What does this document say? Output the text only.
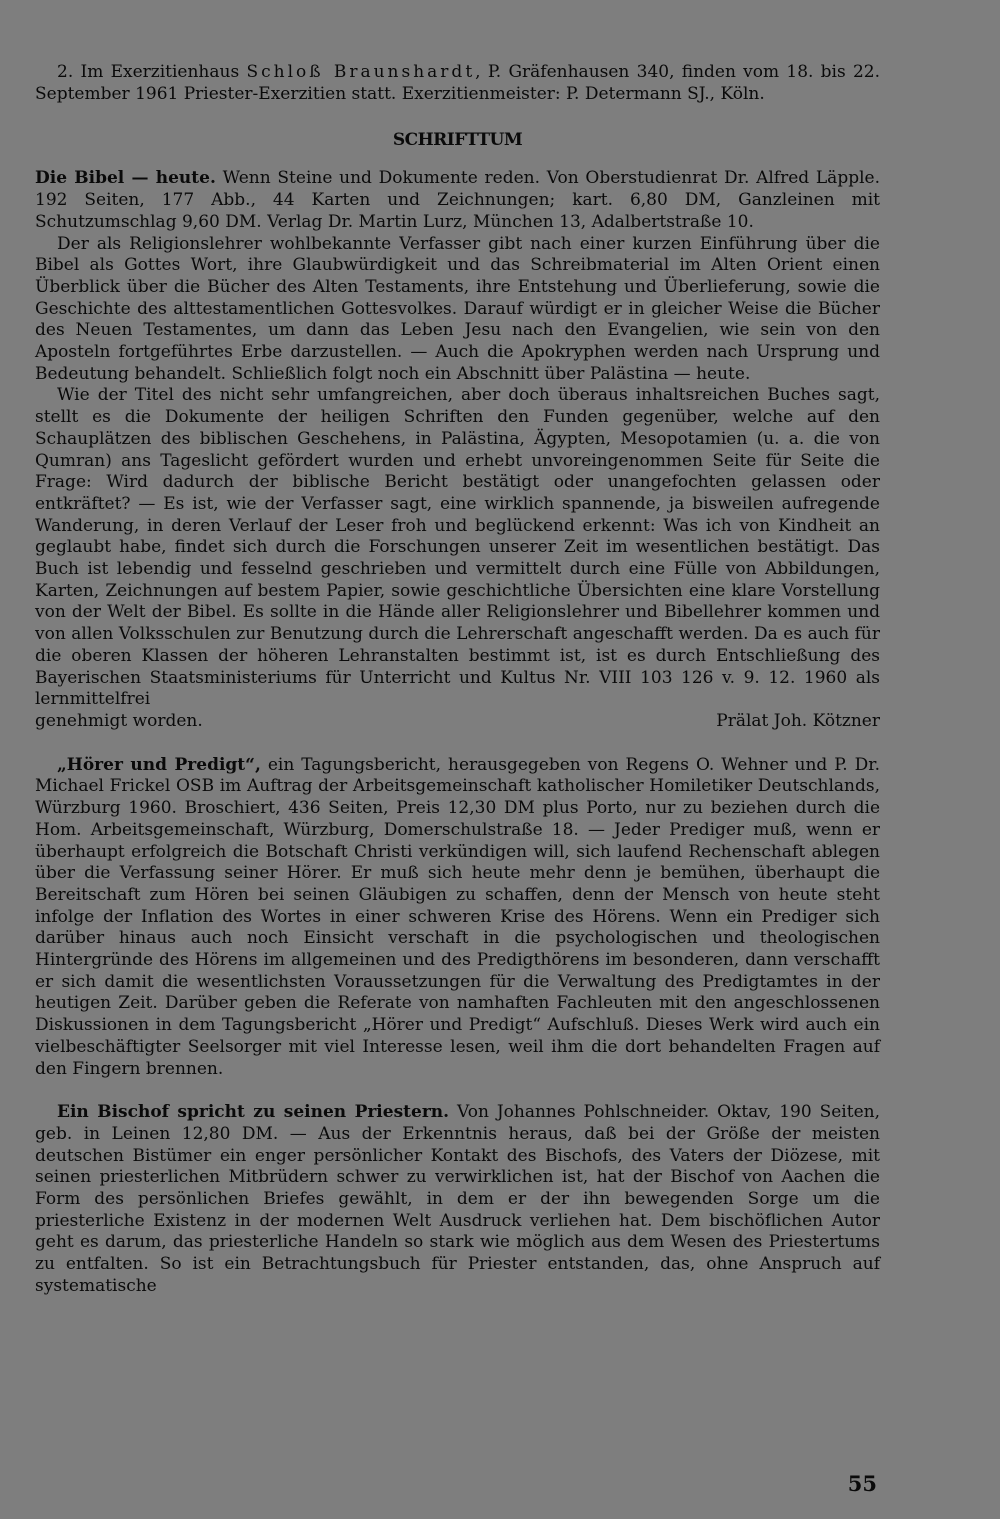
2. Im Exerzitienhaus Schloß Braunshardt, P. Gräfenhausen 340, finden vom 18. bis 22. September 1961 Priester-Exerzitien statt. Exerzitienmeister: P. Determann SJ., Köln.

SCHRIFTTUM

Die Bibel — heute. Wenn Steine und Dokumente reden. Von Oberstudienrat Dr. Alfred Läpple. 192 Seiten, 177 Abb., 44 Karten und Zeichnungen; kart. 6,80 DM, Ganzleinen mit Schutzumschlag 9,60 DM. Verlag Dr. Martin Lurz, München 13, Adalbertstraße 10.

Der als Religionslehrer wohlbekannte Verfasser gibt nach einer kurzen Einführung über die Bibel als Gottes Wort, ihre Glaubwürdigkeit und das Schreibmaterial im Alten Orient einen Überblick über die Bücher des Alten Testaments, ihre Entstehung und Überlieferung, sowie die Geschichte des alttestamentlichen Gottesvolkes. Darauf würdigt er in gleicher Weise die Bücher des Neuen Testamentes, um dann das Leben Jesu nach den Evangelien, wie sein von den Aposteln fortgeführtes Erbe darzustellen. — Auch die Apokryphen werden nach Ursprung und Bedeutung behandelt. Schließlich folgt noch ein Abschnitt über Palästina — heute.

Wie der Titel des nicht sehr umfangreichen, aber doch überaus inhaltsreichen Buches sagt, stellt es die Dokumente der heiligen Schriften den Funden gegenüber, welche auf den Schauplätzen des biblischen Geschehens, in Palästina, Ägypten, Mesopotamien (u. a. die von Qumran) ans Tageslicht gefördert wurden und erhebt unvoreingenommen Seite für Seite die Frage: Wird dadurch der biblische Bericht bestätigt oder unangefochten gelassen oder entkräftet? — Es ist, wie der Verfasser sagt, eine wirklich spannende, ja bisweilen aufregende Wanderung, in deren Verlauf der Leser froh und beglückend erkennt: Was ich von Kindheit an geglaubt habe, findet sich durch die Forschungen unserer Zeit im wesentlichen bestätigt. Das Buch ist lebendig und fesselnd geschrieben und vermittelt durch eine Fülle von Abbildungen, Karten, Zeichnungen auf bestem Papier, sowie geschichtliche Übersichten eine klare Vorstellung von der Welt der Bibel. Es sollte in die Hände aller Religionslehrer und Bibellehrer kommen und von allen Volksschulen zur Benutzung durch die Lehrerschaft angeschafft werden. Da es auch für die oberen Klassen der höheren Lehranstalten bestimmt ist, ist es durch Entschließung des Bayerischen Staatsministeriums für Unterricht und Kultus Nr. VIII 103 126 v. 9. 12. 1960 als lernmittelfrei

genehmigt worden.	Prälat Joh. Kötzner

„Hörer und Predigt“, ein Tagungsbericht, herausgegeben von Regens O. Wehner und P. Dr. Michael Frickel OSB im Auftrag der Arbeitsgemeinschaft katholischer Homiletiker Deutschlands, Würzburg 1960. Broschiert, 436 Seiten, Preis 12,30 DM plus Porto, nur zu beziehen durch die Hom. Arbeitsgemeinschaft, Würzburg, Domerschulstraße 18. — Jeder Prediger muß, wenn er überhaupt erfolgreich die Botschaft Christi verkündigen will, sich laufend Rechenschaft ablegen über die Verfassung seiner Hörer. Er muß sich heute mehr denn je bemühen, überhaupt die Bereitschaft zum Hören bei seinen Gläubigen zu schaffen, denn der Mensch von heute steht infolge der Inflation des Wortes in einer schweren Krise des Hörens. Wenn ein Prediger sich darüber hinaus auch noch Einsicht verschaft in die psychologischen und theologischen Hintergründe des Hörens im allgemeinen und des Predigthörens im besonderen, dann verschafft er sich damit die wesentlichsten Voraussetzungen für die Verwaltung des Predigtamtes in der heutigen Zeit. Darüber geben die Referate von namhaften Fachleuten mit den angeschlossenen Diskussionen in dem Tagungsbericht „Hörer und Predigt“ Aufschluß. Dieses Werk wird auch ein vielbeschäftigter Seelsorger mit viel Interesse lesen, weil ihm die dort behandelten Fragen auf den Fingern brennen.

Ein Bischof spricht zu seinen Priestern. Von Johannes Pohlschneider. Oktav, 190 Seiten, geb. in Leinen 12,80 DM. — Aus der Erkenntnis heraus, daß bei der Größe der meisten deutschen Bistümer ein enger persönlicher Kontakt des Bischofs, des Vaters der Diözese, mit seinen priesterlichen Mitbrüdern schwer zu verwirklichen ist, hat der Bischof von Aachen die Form des persönlichen Briefes gewählt, in dem er der ihn bewegenden Sorge um die priesterliche Existenz in der modernen Welt Ausdruck verliehen hat. Dem bischöflichen Autor geht es darum, das priesterliche Handeln so stark wie möglich aus dem Wesen des Priestertums zu entfalten. So ist ein Betrachtungsbuch für Priester entstanden, das, ohne Anspruch auf systematische

55
